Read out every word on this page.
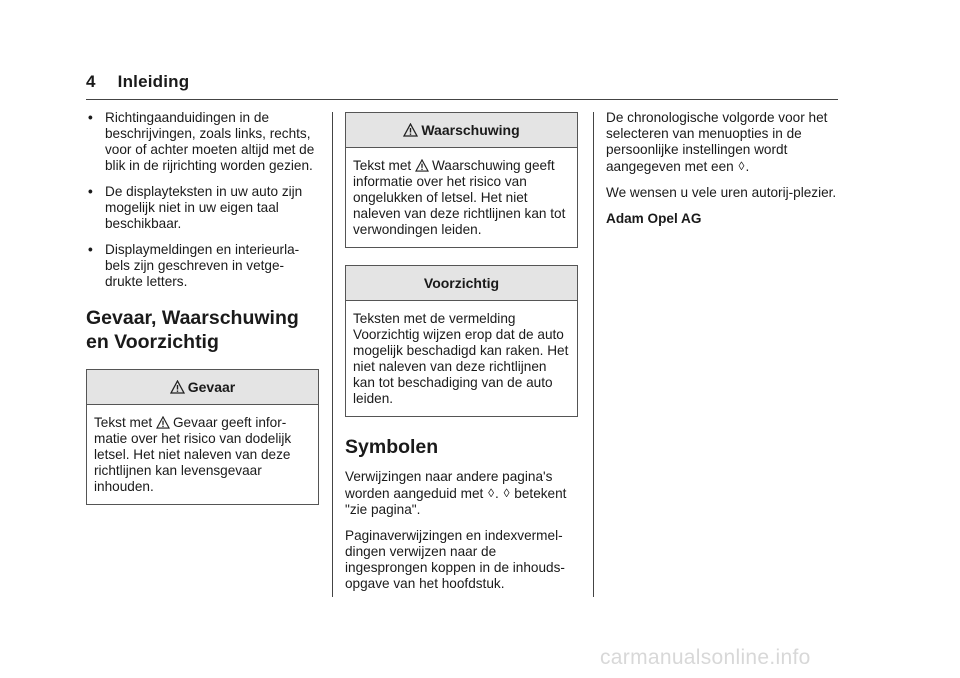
4 Inleiding
• Richtingaanduidingen in de beschrijvingen, zoals links, rechts, voor of achter moeten altijd met de blik in de rijrichting worden gezien.
• De displayteksten in uw auto zijn mogelijk niet in uw eigen taal beschikbaar.
• Displaymeldingen en interieurla-bels zijn geschreven in vetge-drukte letters.
Gevaar, Waarschuwing en Voorzichtig
Gevaar
Tekst met Gevaar geeft infor-matie over het risico van dodelijk letsel. Het niet naleven van deze richtlijnen kan levensgevaar inhouden.
Waarschuwing
Tekst met Waarschuwing geeft informatie over het risico van ongelukken of letsel. Het niet naleven van deze richtlijnen kan tot verwondingen leiden.
Voorzichtig
Teksten met de vermelding Voorzichtig wijzen erop dat de auto mogelijk beschadigd kan raken. Het niet naleven van deze richtlijnen kan tot beschadiging van de auto leiden.
Symbolen

Verwijzingen naar andere pagina's worden aangeduid met ◊. ◊ betekent "zie pagina".

Paginaverwijzingen en indexvermel-dingen verwijzen naar de ingesprongen koppen in de inhouds-opgave van het hoofdstuk.

De chronologische volgorde voor het selecteren van menuopties in de persoonlijke instellingen wordt aangegeven met een ◊.

We wensen u vele uren autorij-plezier.

Adam Opel AG

carmanualsonline.info
